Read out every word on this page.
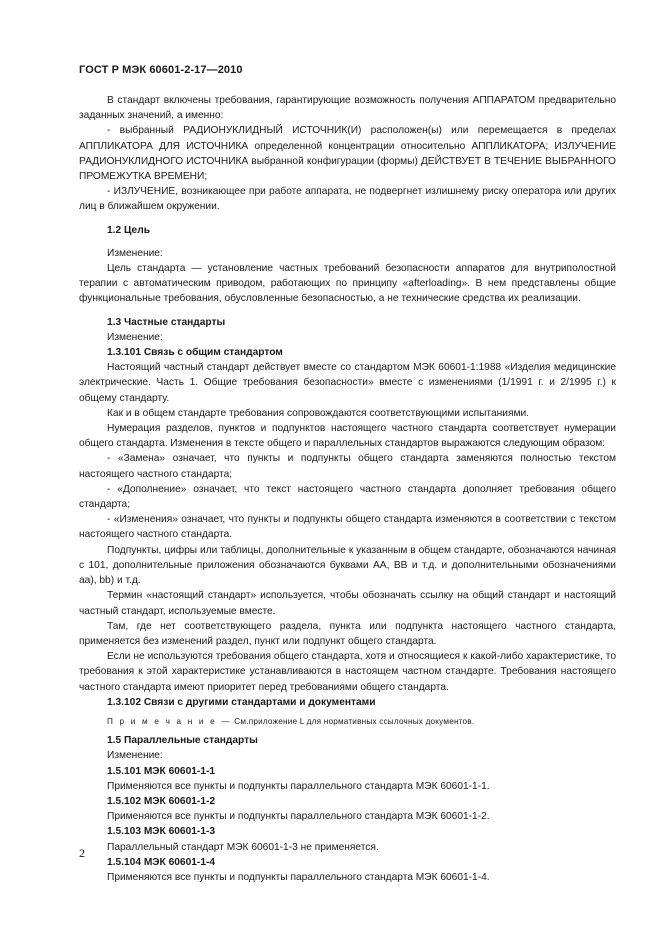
ГОСТ Р МЭК 60601-2-17—2010

В стандарт включены требования, гарантирующие возможность получения АППАРАТОМ предварительно заданных значений, а именно:

- выбранный РАДИОНУКЛИДНЫЙ ИСТОЧНИК(И) расположен(ы) или перемещается в пределах АППЛИКАТОРА ДЛЯ ИСТОЧНИКА определенной концентрации относительно АППЛИКАТОРА; ИЗЛУЧЕНИЕ РАДИОНУКЛИДНОГО ИСТОЧНИКА выбранной конфигурации (формы) ДЕЙСТВУЕТ В ТЕЧЕНИЕ ВЫБРАННОГО ПРОМЕЖУТКА ВРЕМЕНИ;

- ИЗЛУЧЕНИЕ, возникающее при работе аппарата, не подвергнет излишнему риску оператора или других лиц в ближайшем окружении.

1.2 Цель

Изменение:

Цель стандарта — установление частных требований безопасности аппаратов для внутриполостной терапии с автоматическим приводом, работающих по принципу «afterloading». В нем представлены общие функциональные требования, обусловленные безопасностью, а не технические средства их реализации.

1.3 Частные стандарты

Изменение:

1.3.101 Связь с общим стандартом

Настоящий частный стандарт действует вместе со стандартом МЭК 60601-1:1988 «Изделия медицинские электрические. Часть 1. Общие требования безопасности» вместе с изменениями (1/1991 г. и 2/1995 г.) к общему стандарту.

Как и в общем стандарте требования сопровождаются соответствующими испытаниями.

Нумерация разделов, пунктов и подпунктов настоящего частного стандарта соответствует нумерации общего стандарта. Изменения в тексте общего и параллельных стандартов выражаются следующим образом:

- «Замена» означает, что пункты и подпункты общего стандарта заменяются полностью текстом настоящего частного стандарта;

- «Дополнение» означает, что текст настоящего частного стандарта дополняет требования общего стандарта;

- «Изменения» означает, что пункты и подпункты общего стандарта изменяются в соответствии с текстом настоящего частного стандарта.

Подпункты, цифры или таблицы, дополнительные к указанным в общем стандарте, обозначаются начиная с 101, дополнительные приложения обозначаются буквами АА, ВВ и т.д. и дополнительными обозначениями аа), bb) и т.д.

Термин «настоящий стандарт» используется, чтобы обозначать ссылку на общий стандарт и настоящий частный стандарт, используемые вместе.

Там, где нет соответствующего раздела, пункта или подпункта настоящего частного стандарта, применяется без изменений раздел, пункт или подпункт общего стандарта.

Если не используются требования общего стандарта, хотя и относящиеся к какой-либо характеристике, то требования к этой характеристике устанавливаются в настоящем частном стандарте. Требования настоящего частного стандарта имеют приоритет перед требованиями общего стандарта.

1.3.102 Связи с другими стандартами и документами

П р и м е ч а н и е — См.приложение L для нормативных ссылочных документов.

1.5 Параллельные стандарты

Изменение:

1.5.101 МЭК 60601-1-1

Применяются все пункты и подпункты параллельного стандарта МЭК 60601-1-1.

1.5.102 МЭК 60601-1-2

Применяются все пункты и подпункты параллельного стандарта МЭК 60601-1-2.

1.5.103 МЭК 60601-1-3

Параллельный стандарт МЭК 60601-1-3 не применяется.

1.5.104 МЭК 60601-1-4

Применяются все пункты и подпункты параллельного стандарта МЭК 60601-1-4.

2
